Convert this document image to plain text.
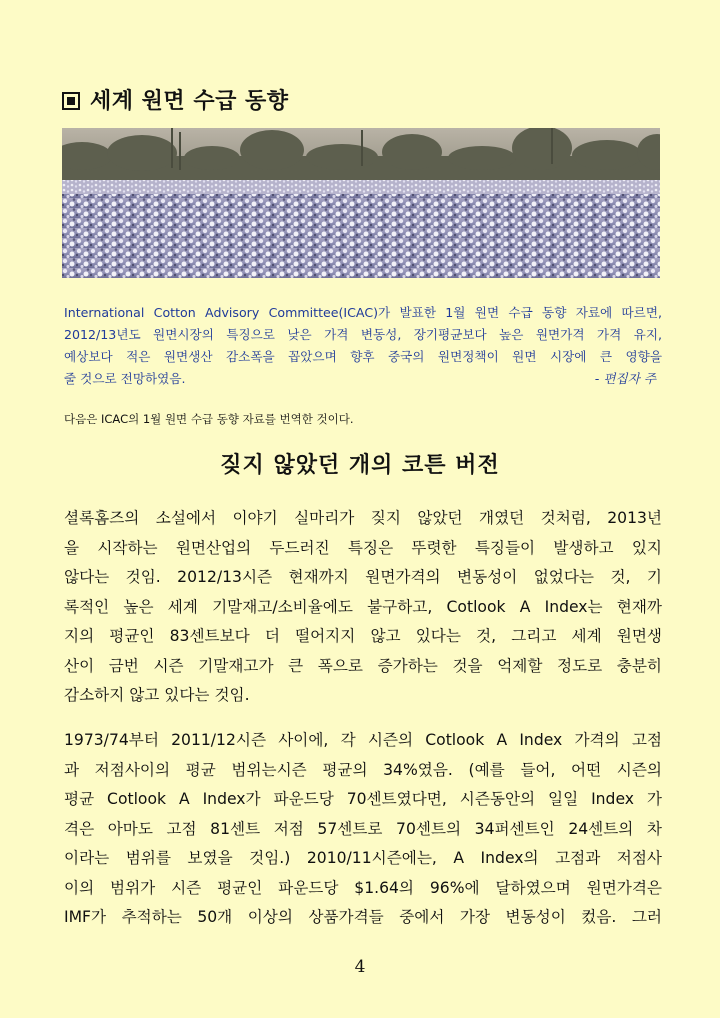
세계 원면 수급 동향
International Cotton Advisory Committee(ICAC)가 발표한 1월 원면 수급 동향 자료에 따르면,
2012/13년도 원면시장의 특징으로 낮은 가격 변동성, 장기평균보다 높은 원면가격 가격 유지,
예상보다 적은 원면생산 감소폭을 꼽았으며 향후 중국의 원면정책이 원면 시장에 큰 영향을
줄 것으로 전망하였음.	- 편집자 주
다음은 ICAC의 1월 원면 수급 동향 자료를 번역한 것이다.
짖지 않았던 개의 코튼 버전
셜록홈즈의 소설에서 이야기 실마리가 짖지 않았던 개였던 것처럼, 2013년
을 시작하는 원면산업의 두드러진 특징은 뚜렷한 특징들이 발생하고 있지
않다는 것임. 2012/13시즌 현재까지 원면가격의 변동성이 없었다는 것, 기
록적인 높은 세계 기말재고/소비율에도 불구하고, Cotlook A Index는 현재까
지의 평균인 83센트보다 더 떨어지지 않고 있다는 것, 그리고 세계 원면생
산이 금번 시즌 기말재고가 큰 폭으로 증가하는 것을 억제할 정도로 충분히
감소하지 않고 있다는 것임.
1973/74부터 2011/12시즌 사이에, 각 시즌의 Cotlook A Index 가격의 고점
과 저점사이의 평균 범위는시즌 평균의 34%였음. (예를 들어, 어떤 시즌의
평균 Cotlook A Index가 파운드당 70센트였다면, 시즌동안의 일일 Index 가
격은 아마도 고점 81센트 저점 57센트로 70센트의 34퍼센트인 24센트의 차
이라는 범위를 보였을 것임.) 2010/11시즌에는, A Index의 고점과 저점사
이의 범위가 시즌 평균인 파운드당 $1.64의 96%에 달하였으며 원면가격은
IMF가 추적하는 50개 이상의 상품가격들 중에서 가장 변동성이 컸음. 그러
4
